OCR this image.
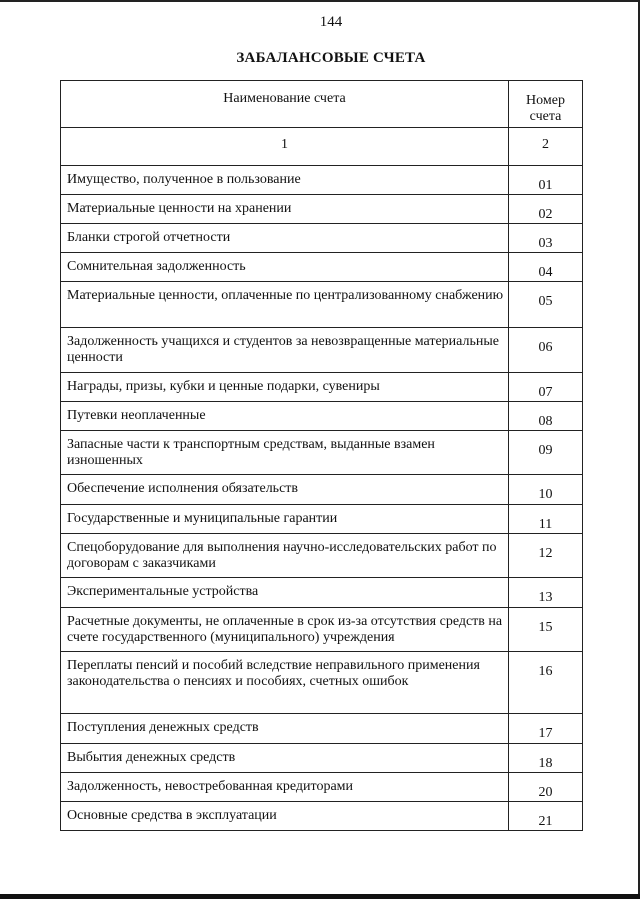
144
ЗАБАЛАНСОВЫЕ СЧЕТА
Наименование счета	Номер счета
1	2
Имущество, полученное в пользование	01
Материальные ценности на хранении	02
Бланки строгой отчетности	03
Сомнительная задолженность	04
Материальные ценности, оплаченные по централизованному снабжению	05
Задолженность учащихся и студентов за невозвращенные материальные ценности	06
Награды, призы, кубки и ценные подарки, сувениры	07
Путевки неоплаченные	08
Запасные части к транспортным средствам, выданные взамен изношенных	09
Обеспечение исполнения обязательств	10
Государственные и муниципальные гарантии	11
Спецоборудование для выполнения научно-исследовательских работ по договорам с заказчиками	12
Экспериментальные устройства	13
Расчетные документы, не оплаченные в срок из-за отсутствия средств на счете государственного (муниципального) учреждения	15
Переплаты пенсий и пособий вследствие неправильного применения законодательства о пенсиях и пособиях, счетных ошибок	16
Поступления денежных средств	17
Выбытия денежных средств	18
Задолженность, невостребованная кредиторами	20
Основные средства в эксплуатации	21
